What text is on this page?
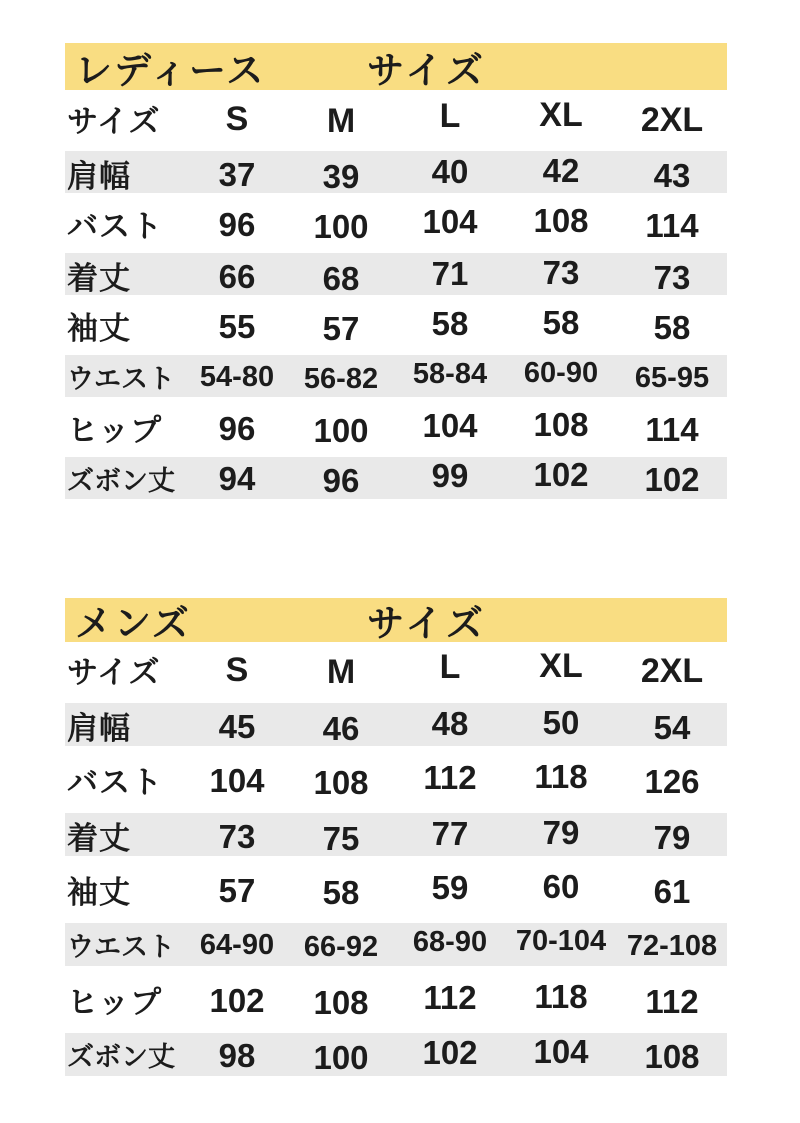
レディース	サイズ
サイズ	S	M	L	XL	2XL
肩幅	37	39	40	42	43
バスト	96	100	104	108	114
着丈	66	68	71	73	73
袖丈	55	57	58	58	58
ウエスト 54-80	56-82	58-84	60-90	65-95
ヒップ	96	100	104	108	114
ズボン丈	94	96	99	102	102
メンズ	サイズ
サイズ	S	M	L	XL	2XL
肩幅	45	46	48	50	54
バスト	104	108	112	118	126
着丈	73	75	77	79	79
袖丈	57	58	59	60	61
ウエスト 64-90	66-92	68-90 70-104 72-108
ヒップ	102	108	112	118	112
ズボン丈	98	100	102	104	108
